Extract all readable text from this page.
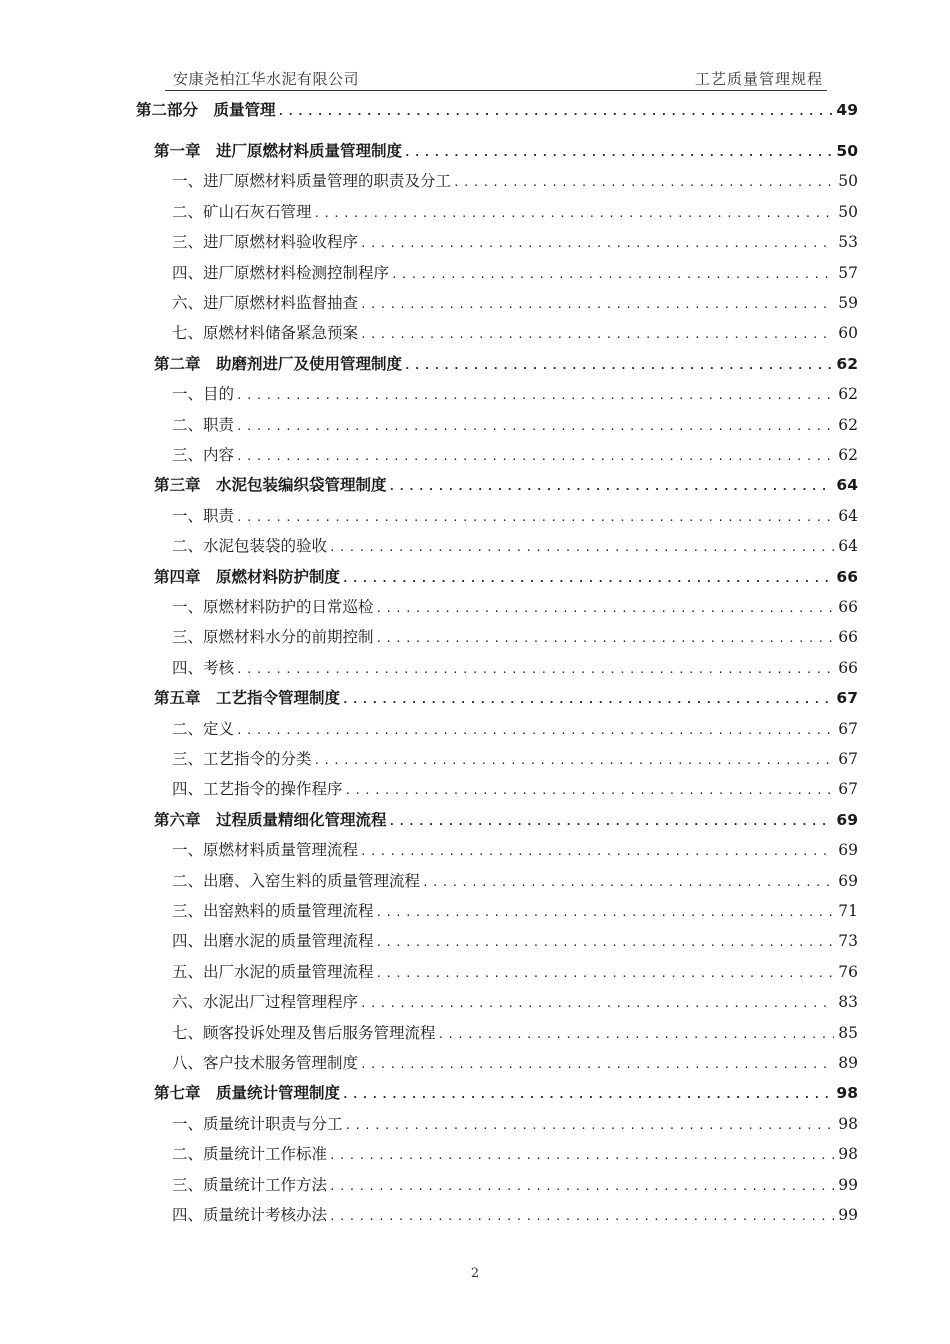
安康尧柏江华水泥有限公司	工艺质量管理规程
第二部分　质量管理 .....	49
第一章　进厂原燃材料质量管理制度 .....	50
一、进厂原燃材料质量管理的职责及分工 .....	50
二、矿山石灰石管理 .....	50
三、进厂原燃材料验收程序 .....	53
四、进厂原燃材料检测控制程序 .....	57
六、进厂原燃材料监督抽查 .....	59
七、原燃材料储备紧急预案 .....	60
第二章　助磨剂进厂及使用管理制度 .....	62
一、目的 .....	62
二、职责 .....	62
三、内容 .....	62
第三章　水泥包装编织袋管理制度 .....	64
一、职责 .....	64
二、水泥包装袋的验收 .....	64
第四章　原燃材料防护制度 .....	66
一、原燃材料防护的日常巡检 .....	66
三、原燃材料水分的前期控制 .....	66
四、考核 .....	66
第五章　工艺指令管理制度 .....	67
二、定义 .....	67
三、工艺指令的分类 .....	67
四、工艺指令的操作程序 .....	67
第六章　过程质量精细化管理流程 .....	69
一、原燃材料质量管理流程 .....	69
二、出磨、入窑生料的质量管理流程 .....	69
三、出窑熟料的质量管理流程 .....	71
四、出磨水泥的质量管理流程 .....	73
五、出厂水泥的质量管理流程 .....	76
六、水泥出厂过程管理程序 .....	83
七、顾客投诉处理及售后服务管理流程 .....	85
八、客户技术服务管理制度 .....	89
第七章　质量统计管理制度 .....	98
一、质量统计职责与分工 .....	98
二、质量统计工作标准 .....	98
三、质量统计工作方法 .....	99
四、质量统计考核办法 .....	99
2
